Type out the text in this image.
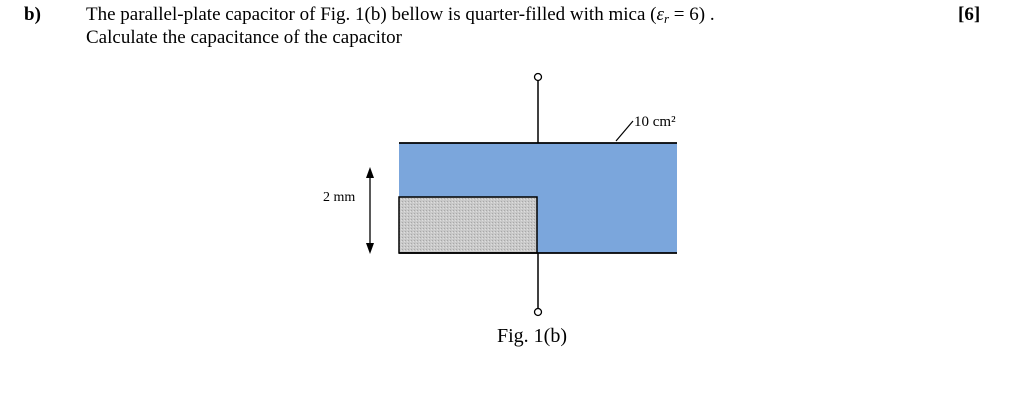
b) The parallel-plate capacitor of Fig. 1(b) bellow is quarter-filled with mica $(\varepsilon_r = 6)$ .	[6]
Calculate the capacitance of the capacitor
10 cm²
2 mm
Fig. 1(b)
